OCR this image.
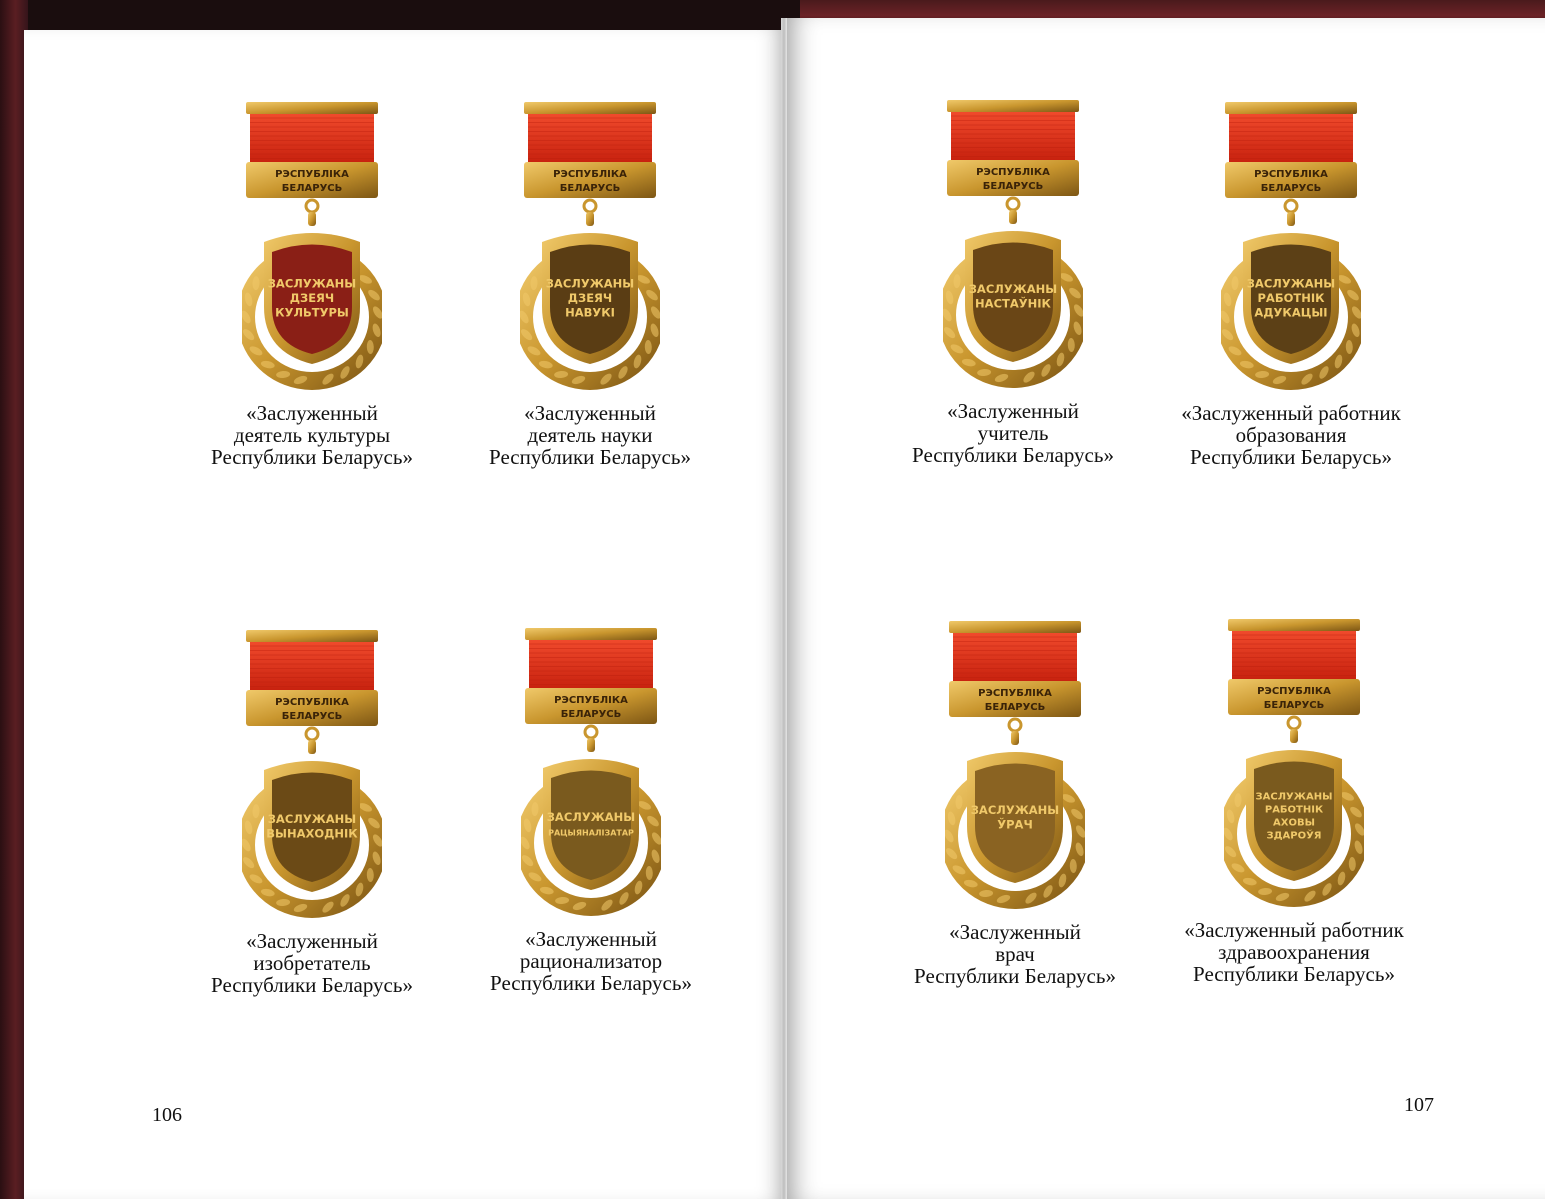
РЭСПУБЛІКА
БЕЛАРУСЬ
ЗАСЛУЖАНЫ
ДЗЕЯЧ
КУЛЬТУРЫ
«Заслуженный
деятель культуры
Республики Беларусь»
РЭСПУБЛІКА
БЕЛАРУСЬ
ЗАСЛУЖАНЫ
ДЗЕЯЧ
НАВУКІ
«Заслуженный
деятель науки
Республики Беларусь»
РЭСПУБЛІКА
БЕЛАРУСЬ
ЗАСЛУЖАНЫ
ВЫНАХОДНІК
«Заслуженный
изобретатель
Республики Беларусь»
РЭСПУБЛІКА
БЕЛАРУСЬ
ЗАСЛУЖАНЫ
РАЦЫЯНАЛІЗАТАР
«Заслуженный
рационализатор
Республики Беларусь»
106
РЭСПУБЛІКА
БЕЛАРУСЬ
ЗАСЛУЖАНЫ
НАСТАЎНІК
«Заслуженный
учитель
Республики Беларусь»
РЭСПУБЛІКА
БЕЛАРУСЬ
ЗАСЛУЖАНЫ
РАБОТНІК
АДУКАЦЫІ
«Заслуженный работник
образования
Республики Беларусь»
РЭСПУБЛІКА
БЕЛАРУСЬ
ЗАСЛУЖАНЫ
ЎРАЧ
«Заслуженный
врач
Республики Беларусь»
РЭСПУБЛІКА
БЕЛАРУСЬ
ЗАСЛУЖАНЫ
РАБОТНІК
АХОВЫ
ЗДАРОЎЯ
«Заслуженный работник
здравоохранения
Республики Беларусь»
107
